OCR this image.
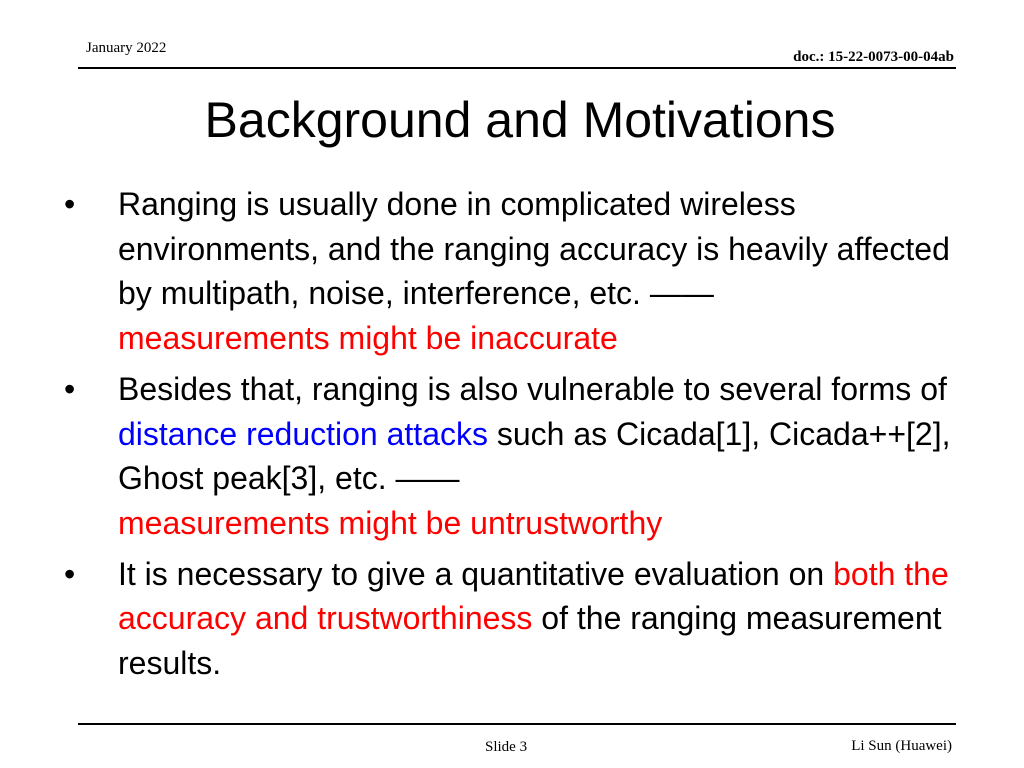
January 2022
doc.: 15-22-0073-00-04ab
Background and Motivations
• Ranging is usually done in complicated wireless environments, and the ranging accuracy is heavily affected by multipath, noise, interference, etc. ——
measurements might be inaccurate
• Besides that, ranging is also vulnerable to several forms of distance reduction attacks such as Cicada[1], Cicada++[2], Ghost peak[3], etc. ——
measurements might be untrustworthy
• It is necessary to give a quantitative evaluation on both the accuracy and trustworthiness of the ranging measurement results.
Slide 3	Li Sun (Huawei)
